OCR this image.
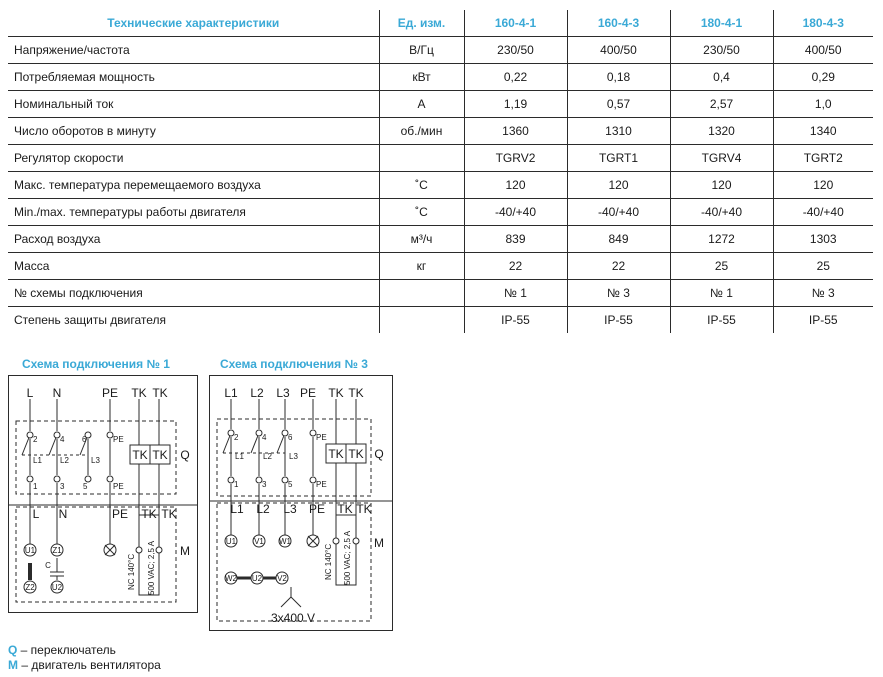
Технические характеристики	Ед. изм.	160-4-1	160-4-3	180-4-1	180-4-3
Напряжение/частота	В/Гц	230/50	400/50	230/50	400/50
Потребляемая мощность	кВт	0,22	0,18	0,4	0,29
Номинальный ток	А	1,19	0,57	2,57	1,0
Число оборотов в минуту	об./мин	1360	1310	1320	1340
Регулятор скорости		TGRV2	TGRT1	TGRV4	TGRT2
Макс. температура перемещаемого воздуха	˚С	120	120	120	120
Min./max. температуры работы двигателя	˚С	-40/+40	-40/+40	-40/+40	-40/+40
Расход воздуха	м³/ч	839	849	1272	1303
Масса	кг	22	22	25	25
№ схемы подключения		№ 1	№ 3	№ 1	№ 3
Степень защиты двигателя		IP-55	IP-55	IP-55	IP-55
Схема подключения № 1	Схема подключения № 3
L N	PE TK TK
TK TK Q
L N	PE TK TK
M
2	4 6	PE
L1 L2	L3
1	3 5	PE
U1 Z1
U2
Z2
C	NC 140°C 500 VAC; 2,5 A
L1 L2 L3 PE TK TK
TK TK Q
L1 L2 L3 PE TK TK
M
3x400 V
2	4	6	PE
L1 L2 L3
1	3	5	PE
U1 V1 W1
W2 U2 V2	NC 140°C 500 VAC; 2,5 A
Q – переключатель
М – двигатель вентилятора
